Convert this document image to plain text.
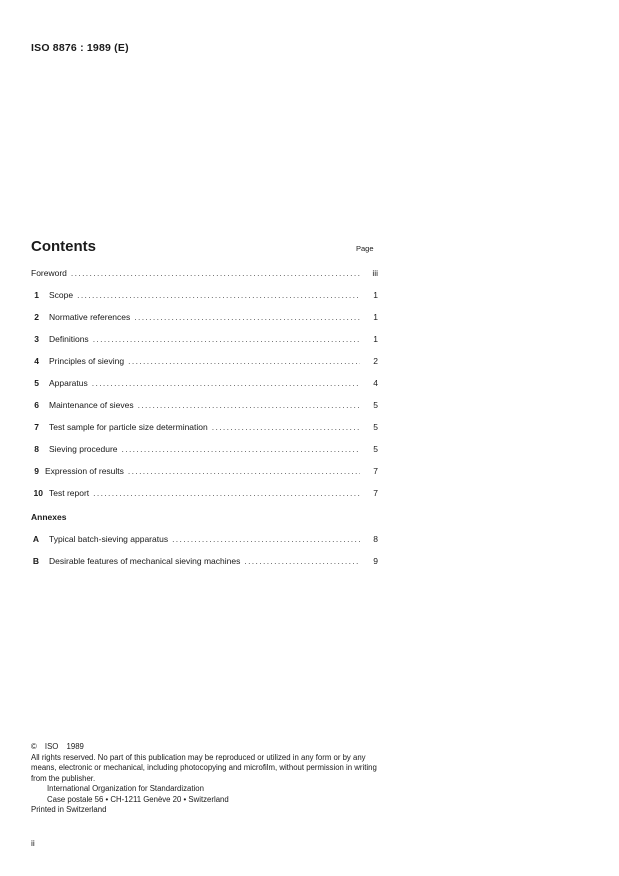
ISO 8876 : 1989 (E)
Contents	Page
Foreword . . .	iii
1 Scope . . .	1
2 Normative references . . .	1
3 Definitions . . .	1
4 Principles of sieving . . .	2
5 Apparatus . . .	4
6 Maintenance of sieves . . .	5
7 Test sample for particle size determination . . .	5
8 Sieving procedure . . .	5
9 Expression of results . . .	7
10 Test report . . .	7
Annexes
A Typical batch-sieving apparatus . . .	8
B Desirable features of mechanical sieving machines . . .	9
© ISO 1989
All rights reserved. No part of this publication may be reproduced or utilized in any form or by any means, electronic or mechanical, including photocopying and microfilm, without permission in writing from the publisher.
International Organization for Standardization
Case postale 56 • CH-1211 Genève 20 • Switzerland
Printed in Switzerland
ii
